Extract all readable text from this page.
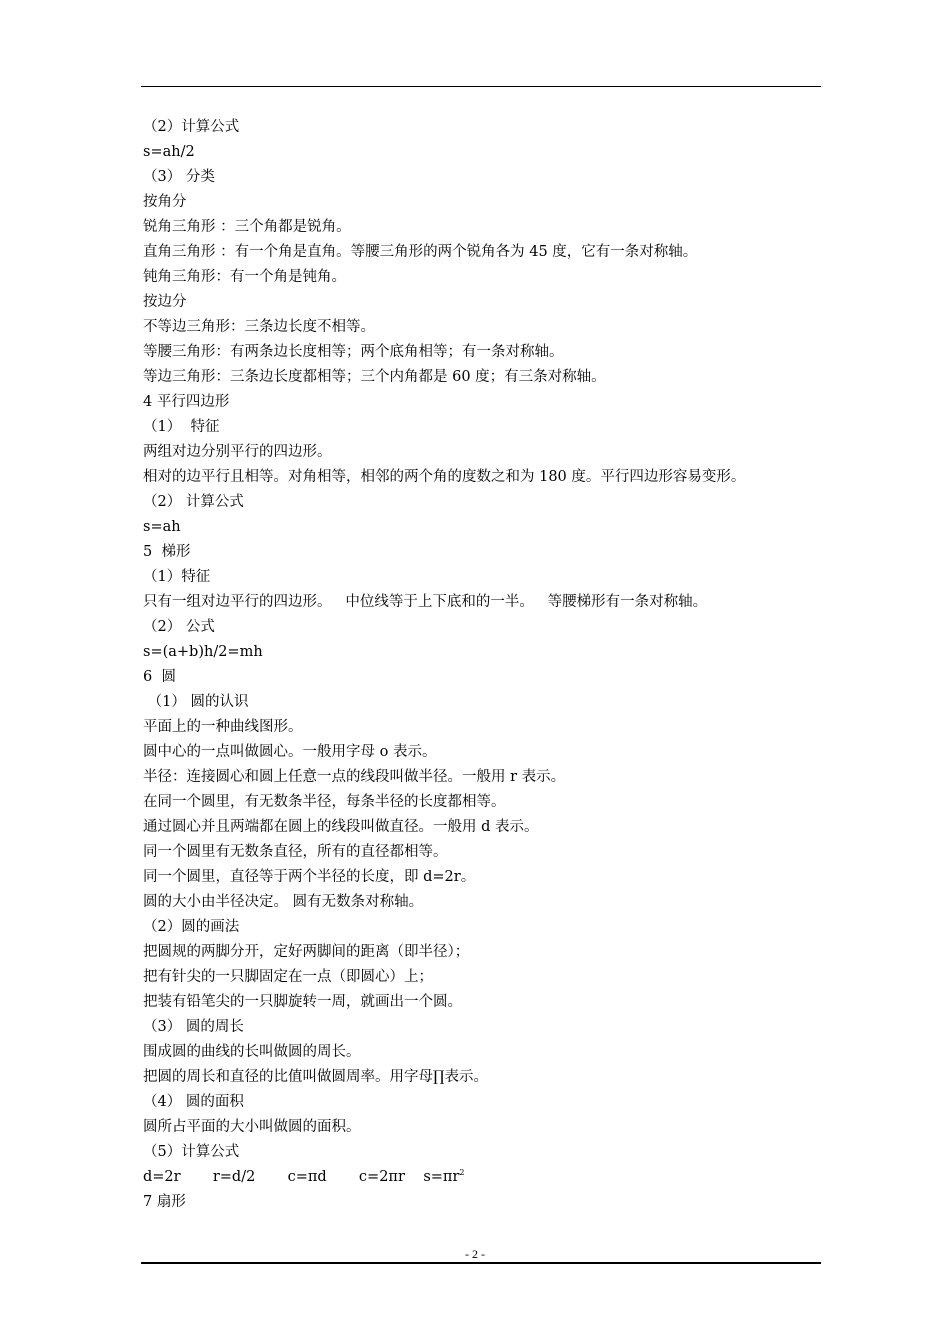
（2）计算公式
s=ah/2
（3） 分类
按角分
锐角三角形 ：三个角都是锐角。
直角三角形 ：有一个角是直角。等腰三角形的两个锐角各为 45 度，它有一条对称轴。
钝角三角形：有一个角是钝角。
按边分
不等边三角形：三条边长度不相等。
等腰三角形：有两条边长度相等；两个底角相等；有一条对称轴。
等边三角形：三条边长度都相等；三个内角都是 60 度；有三条对称轴。
4 平行四边形
（1）  特征
两组对边分别平行的四边形。
相对的边平行且相等。对角相等，相邻的两个角的度数之和为 180 度。平行四边形容易变形。
（2） 计算公式
s=ah
5  梯形
（1）特征
只有一组对边平行的四边形。   中位线等于上下底和的一半。   等腰梯形有一条对称轴。
（2） 公式
s=(a+b)h/2=mh
6  圆
（1） 圆的认识
平面上的一种曲线图形。
圆中心的一点叫做圆心。一般用字母 o 表示。
半径：连接圆心和圆上任意一点的线段叫做半径。一般用 r 表示。
在同一个圆里，有无数条半径，每条半径的长度都相等。
通过圆心并且两端都在圆上的线段叫做直径。一般用 d 表示。
同一个圆里有无数条直径，所有的直径都相等。
同一个圆里，直径等于两个半径的长度，即 d=2r。
圆的大小由半径决定。 圆有无数条对称轴。
（2）圆的画法
把圆规的两脚分开，定好两脚间的距离（即半径）；
把有针尖的一只脚固定在一点（即圆心）上；
把装有铅笔尖的一只脚旋转一周，就画出一个圆。
（3） 圆的周长
围成圆的曲线的长叫做圆的周长。
把圆的周长和直径的比值叫做圆周率。用字母∏表示。
（4） 圆的面积
圆所占平面的大小叫做圆的面积。
（5）计算公式
d=2r       r=d/2       c=πd       c=2πr    $s=\pi r^2$
7 扇形
- 2 -
